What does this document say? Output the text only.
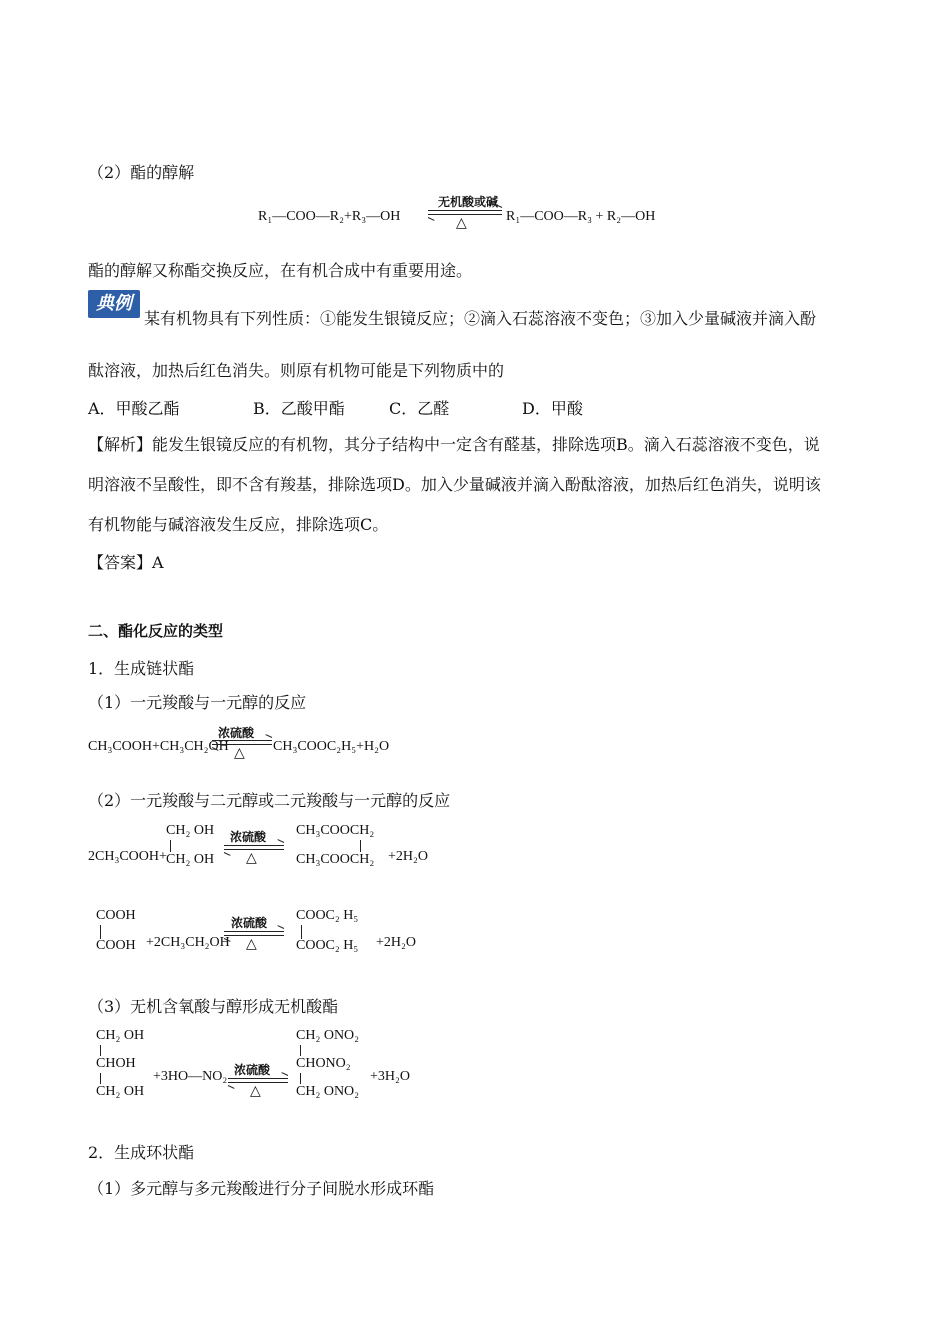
（2）酯的醇解
R₁—COO—R₂+R₃—OH
无机酸或碱
△	R₁—COO—R₃ + R₂—OH
酯的醇解又称酯交换反应，在有机合成中有重要用途。
典例
某有机物具有下列性质：①能发生银镜反应；②滴入石蕊溶液不变色；③加入少量碱液并滴入酚
酞溶液，加热后红色消失。则原有机物可能是下列物质中的
A．甲酸乙酯	B．乙酸甲酯	C．乙醛	D．甲酸
【解析】能发生银镜反应的有机物，其分子结构中一定含有醛基，排除选项B。滴入石蕊溶液不变色，说
明溶液不呈酸性，即不含有羧基，排除选项D。加入少量碱液并滴入酚酞溶液，加热后红色消失，说明该
有机物能与碱溶液发生反应，排除选项C。
【答案】A
二、酯化反应的类型
1．生成链状酯
（1）一元羧酸与一元醇的反应
CH₃COOH+CH₃CH₂OH
浓硫酸
△ CH₃COOC₂H₅+H₂O
（2）一元羧酸与二元醇或二元羧酸与一元醇的反应
2CH₃COOH+
CH₂ OH
CH₂ OH
浓硫酸
△
CH₃COOCH₂
CH₃COOCH₂ +2H₂O
COOH
COOH +2CH₃CH₂OH
浓硫酸
△
COOC₂ H₅
COOC₂ H₅ +2H₂O
（3）无机含氧酸与醇形成无机酸酯
CH₂ OH
CHOH
CH₂ OH
+3HO—NO₂ 浓硫酸
△
CH₂ ONO₂
CHONO₂
CH₂ ONO₂
+3H₂O
2．生成环状酯
（1）多元醇与多元羧酸进行分子间脱水形成环酯
